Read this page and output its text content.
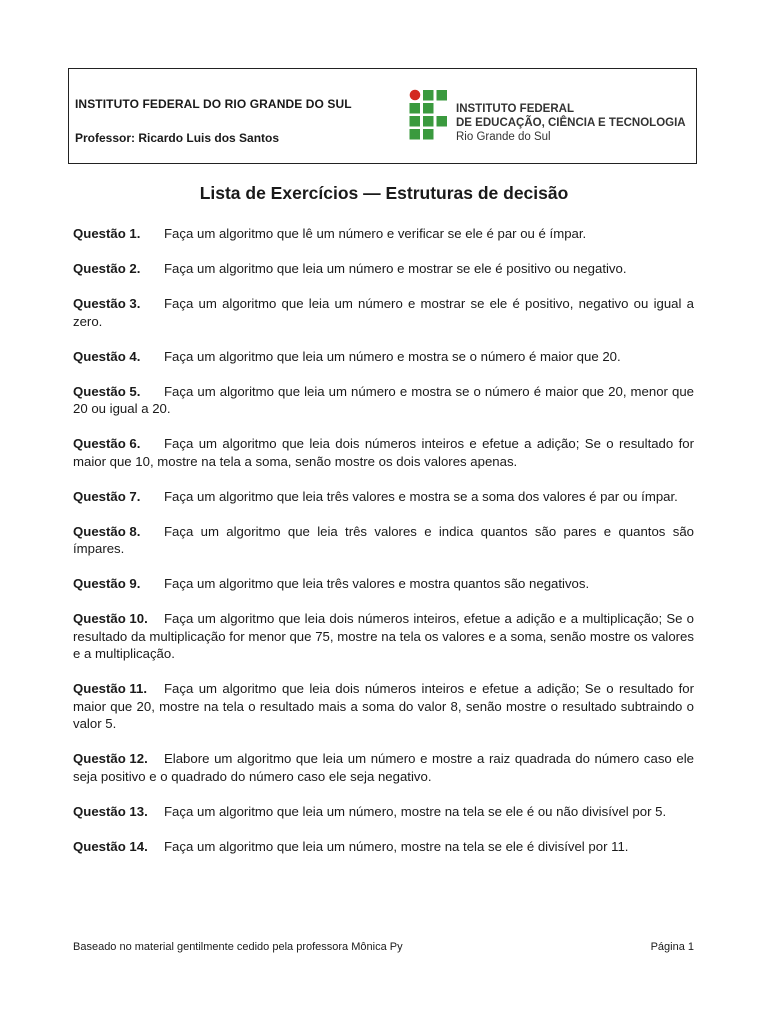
INSTITUTO FEDERAL DO RIO GRANDE DO SUL
Professor: Ricardo Luis dos Santos
INSTITUTO FEDERAL
DE EDUCAÇÃO, CIÊNCIA E TECNOLOGIA
Rio Grande do Sul
Lista de Exercícios — Estruturas de decisão

Questão 1. Faça um algoritmo que lê um número e verificar se ele é par ou é ímpar.

Questão 2. Faça um algoritmo que leia um número e mostrar se ele é positivo ou negativo.

Questão 3. Faça um algoritmo que leia um número e mostrar se ele é positivo, negativo ou igual a zero.

Questão 4. Faça um algoritmo que leia um número e mostra se o número é maior que 20.

Questão 5. Faça um algoritmo que leia um número e mostra se o número é maior que 20, menor que 20 ou igual a 20.

Questão 6. Faça um algoritmo que leia dois números inteiros e efetue a adição; Se o resultado for maior que 10, mostre na tela a soma, senão mostre os dois valores apenas.

Questão 7. Faça um algoritmo que leia três valores e mostra se a soma dos valores é par ou ímpar.

Questão 8. Faça um algoritmo que leia três valores e indica quantos são pares e quantos são ímpares.

Questão 9. Faça um algoritmo que leia três valores e mostra quantos são negativos.

Questão 10. Faça um algoritmo que leia dois números inteiros, efetue a adição e a multiplicação; Se o resultado da multiplicação for menor que 75, mostre na tela os valores e a soma, senão mostre os valores e a multiplicação.

Questão 11. Faça um algoritmo que leia dois números inteiros e efetue a adição; Se o resultado for maior que 20, mostre na tela o resultado mais a soma do valor 8, senão mostre o resultado subtraindo o valor 5.

Questão 12. Elabore um algoritmo que leia um número e mostre a raiz quadrada do número caso ele seja positivo e o quadrado do número caso ele seja negativo.

Questão 13. Faça um algoritmo que leia um número, mostre na tela se ele é ou não divisível por 5.

Questão 14. Faça um algoritmo que leia um número, mostre na tela se ele é divisível por 11.

Baseado no material gentilmente cedido pela professora Mônica Py	Página 1
